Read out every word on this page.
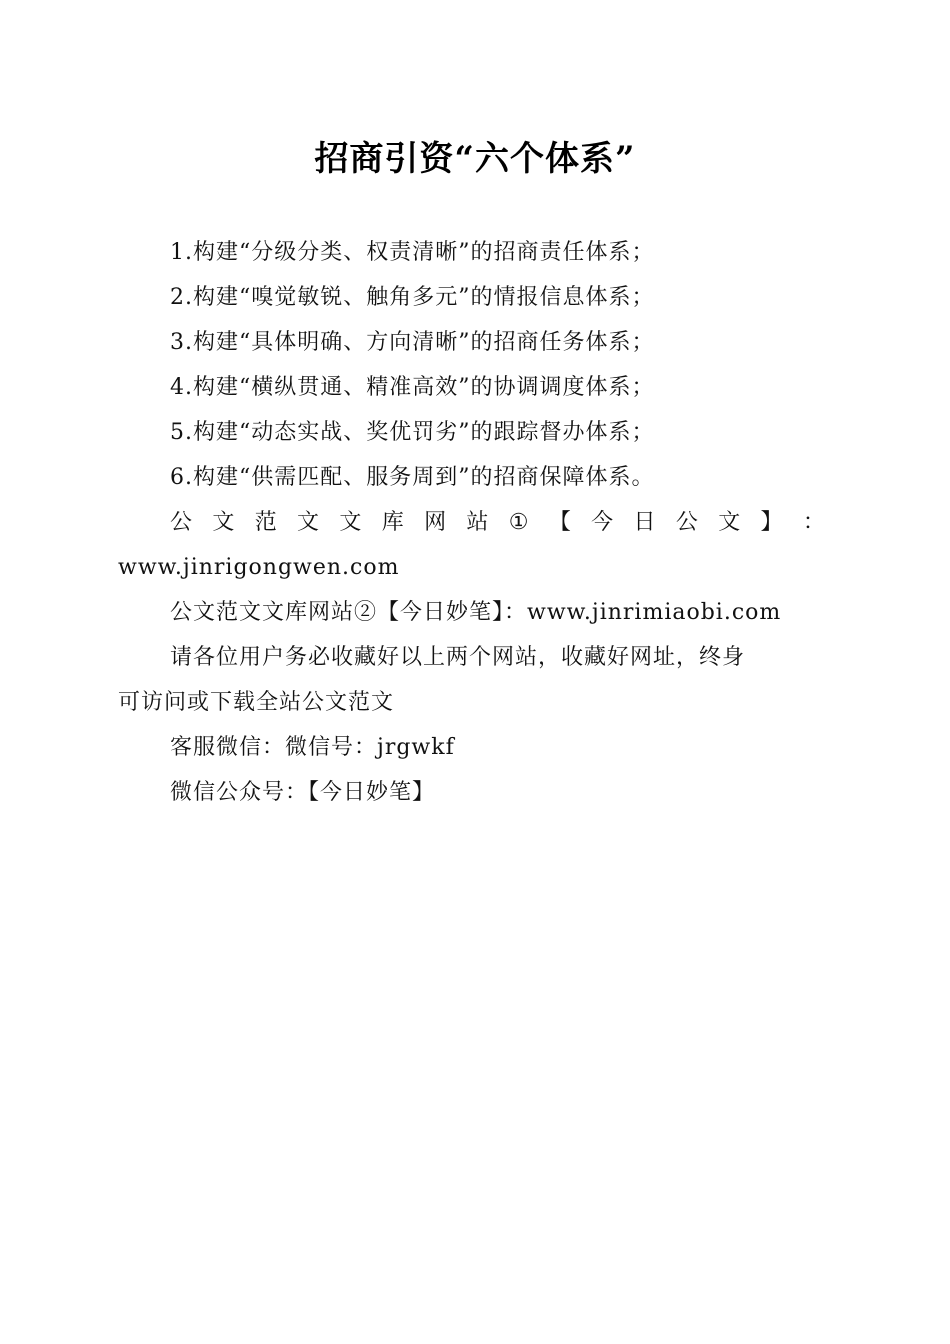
招商引资“六个体系”

1.构建“分级分类、权责清晰”的招商责任体系；

2.构建“嗅觉敏锐、触角多元”的情报信息体系；

3.构建“具体明确、方向清晰”的招商任务体系；

4.构建“横纵贯通、精准高效”的协调调度体系；

5.构建“动态实战、奖优罚劣”的跟踪督办体系；

6.构建“供需匹配、服务周到”的招商保障体系。

公 文 范 文 文 库 网 站 ① 【 今 日 公 文 】 ：

www.jinrigongwen.com

公文范文文库网站②【今日妙笔】：www.jinrimiaobi.com

请各位用户务必收藏好以上两个网站，收藏好网址，终身

可访问或下载全站公文范文

客服微信：微信号：jrgwkf

微信公众号：【今日妙笔】
